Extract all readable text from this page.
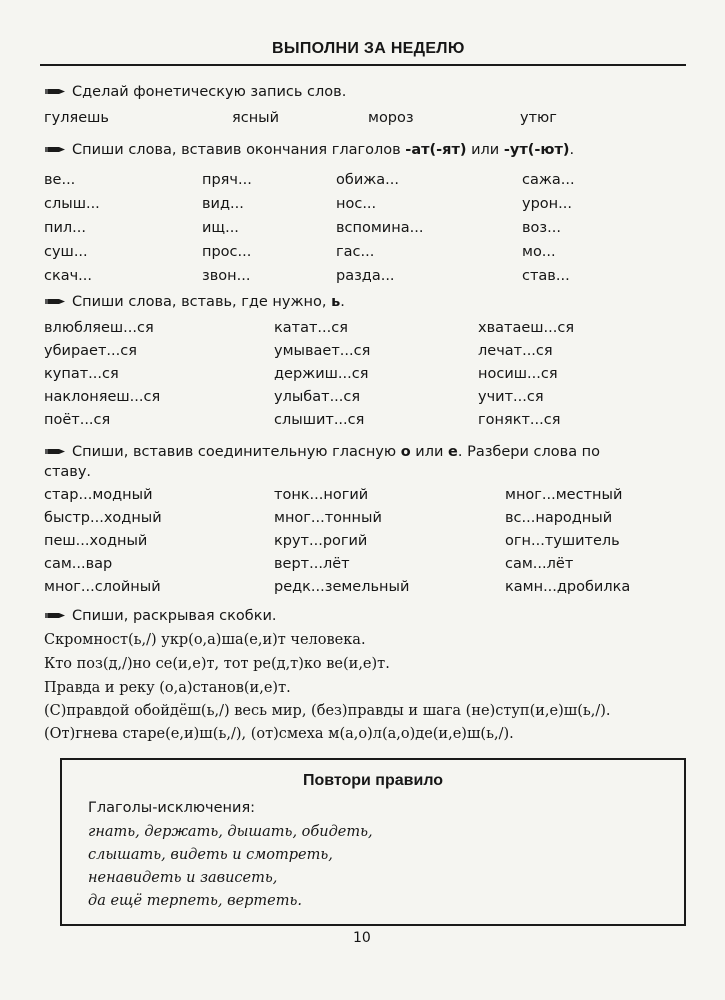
ВЫПОЛНИ ЗА НЕДЕЛЮ
Сделай фонетическую запись слов.
гуляешь	ясный	мороз	утюг
Спиши слова, вставив окончания глаголов -ат(-ят) или -ут(-ют).
ве...	пряч...	обижа...	сажа...
слыш...	вид...	нос...	урон...
пил...	ищ...	вспомина...	воз...
суш...	прос...	гас...	мо...
скач...	звон...	разда...	став...
Спиши слова, вставь, где нужно, ь.
влюбляеш...ся	катат...ся	хватаеш...ся
убирает...ся	умывает...ся	лечат...ся
купат...ся	держиш...ся	носиш...ся
наклоняеш...ся	улыбат...ся	учит...ся
поёт...ся	слышит...ся	гонякт...ся
Спиши, вставив соединительную гласную о или е. Разбери слова по
ставу.
стар...модный	тонк...ногий	мног...местный
быстр...ходный	мног...тонный	вс...народный
пеш...ходный	крут...рогий	огн...тушитель
сам...вар	верт...лёт	сам...лёт
мног...слойный	редк...земельный	камн...дробилка
Спиши, раскрывая скобки.
Скромност(ь,/) укр(о,а)ша(е,и)т человека.
Кто поз(д,/)но се(и,е)т, тот ре(д,т)ко ве(и,е)т.
Правда и реку (о,а)станов(и,е)т.
(С)правдой обойдёш(ь,/) весь мир, (без)правды и шага (не)ступ(и,е)ш(ь,/).
(От)гнева старе(е,и)ш(ь,/), (от)смеха м(а,о)л(а,о)де(и,е)ш(ь,/).
Повтори правило
Глаголы-исключения:
гнать, держать, дышать, обидеть,
слышать, видеть и смотреть,
ненавидеть и зависеть,
да ещё терпеть, вертеть.
10
